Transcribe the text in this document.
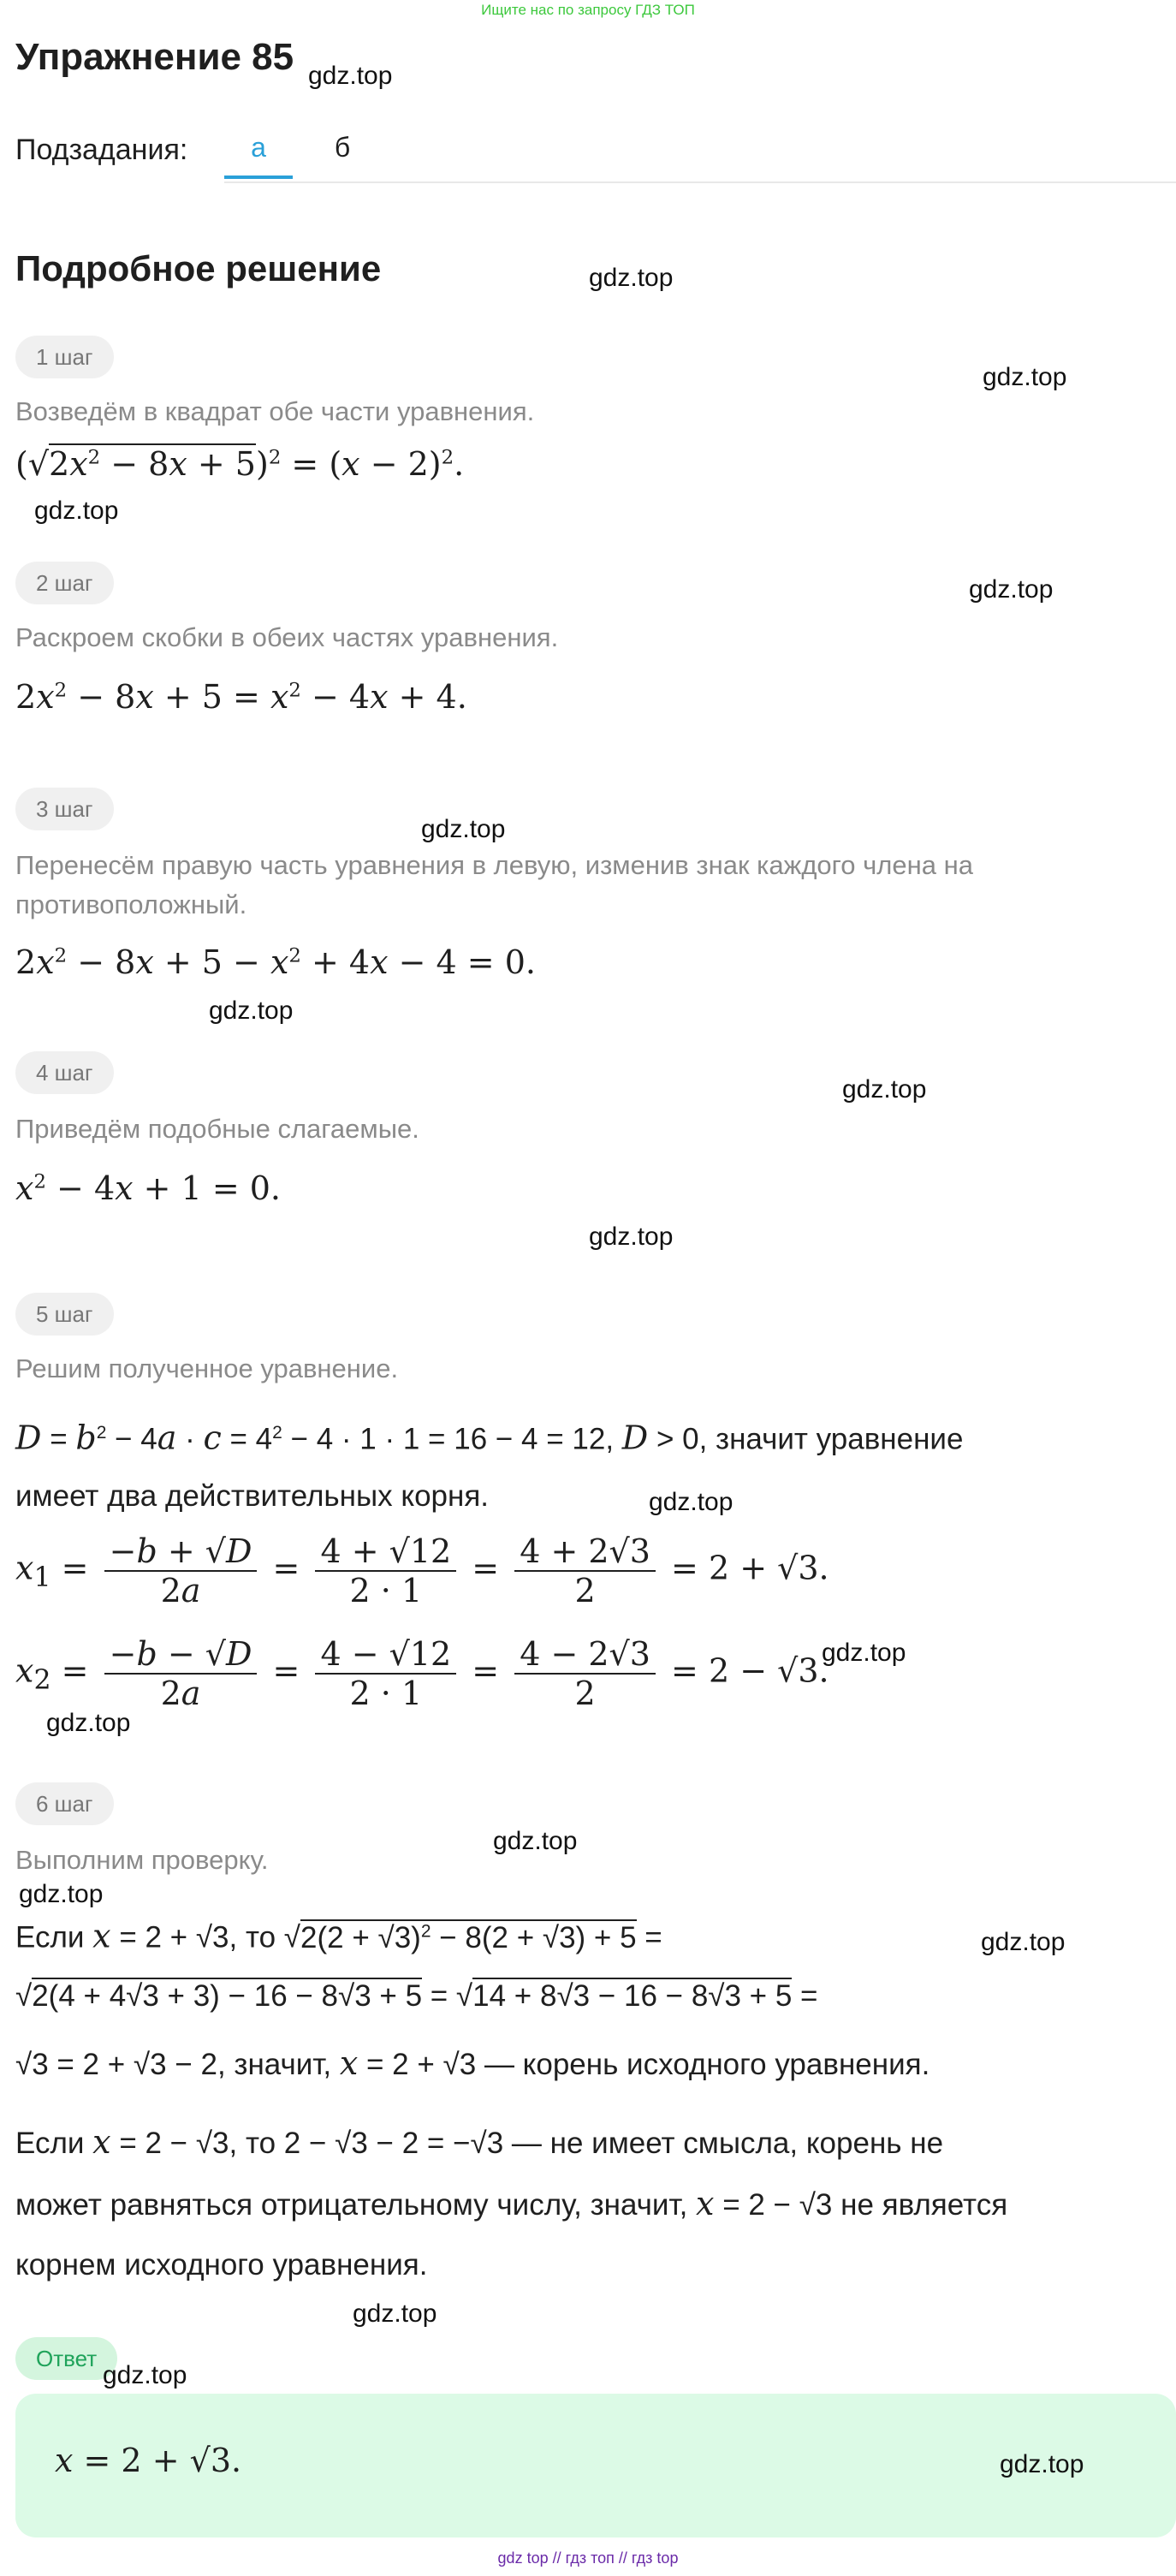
Ищите нас по запросу ГДЗ ТОП
Упражнение 85 gdz.top
Подзадания:	а	б
Подробное решение	gdz.top
1 шаг
gdz.top
Возведём в квадрат обе части уравнения.
$(√2x^2 - 8x + 5)^2 = (x - 2)^2$.
gdz.top
2 шаг	gdz.top
Раскроем скобки в обеих частях уравнения.
$2x^2 - 8x + 5 = x^2 - 4x + 4$.
3 шаг
gdz.top
Перенесём правую часть уравнения в левую, изменив знак каждого члена на противоположный.
$2x^2 - 8x + 5 - x^2 + 4x - 4 = 0$.
gdz.top
4 шаг
gdz.top
Приведём подобные слагаемые.
$x^2 - 4x + 1 = 0$.
gdz.top
5 шаг
Решим полученное уравнение.
$D = b^2 - 4a \cdot c = 4^2 - 4 \cdot 1 \cdot 1 = 16 - 4 = 12$, D > 0, значит уравнение
имеет два действительных корня.	gdz.top
$x_1 = \frac{-b + √D}{2a} = \frac{4 + √12}{2 \cdot 1} = \frac{4 + 2√3}{2} = 2 + √3$.
$x_2 = \frac{-b - √D}{2a} = \frac{4 - √12}{2 \cdot 1} = \frac{4 - 2√3}{2} = 2 - √3$.
gdz.top
gdz.top
6 шаг
gdz.top
Выполним проверку.
gdz.top
Если x = 2 + √3, то $√2(2 + √3)^2 - 8(2 + √3) + 5$ =	gdz.top
√2(4 + 4√3 + 3) − 16 − 8√3 + 5 = √14 + 8√3 − 16 − 8√3 + 5 =
√3 = 2 + √3 − 2, значит, x = 2 + √3 — корень исходного уравнения.
Если x = 2 − √3, то 2 − √3 − 2 = −√3 — не имеет смысла, корень не
может равняться отрицательному числу, значит, x = 2 − √3 не является
корнем исходного уравнения.
gdz.top
Ответ
gdz.top
x = 2 + √3.	gdz.top
gdz top // гдз топ // гдз top
